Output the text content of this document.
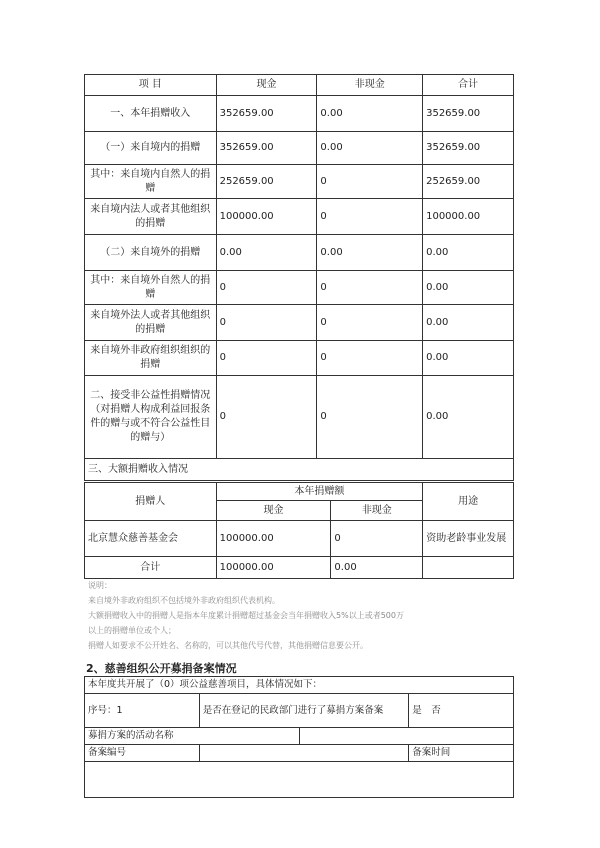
项 目	现金	非现金	合计
一、本年捐赠收入	352659.00	0.00	352659.00
（一）来自境内的捐赠	352659.00	0.00	352659.00
其中：来自境内自然人的捐赠	252659.00	0	252659.00
来自境内法人或者其他组织的捐赠	100000.00	0	100000.00
（二）来自境外的捐赠	0.00	0.00	0.00
其中：来自境外自然人的捐赠	0	0	0.00
来自境外法人或者其他组织的捐赠	0	0	0.00
来自境外非政府组织组织的捐赠	0	0	0.00
二、接受非公益性捐赠情况（对捐赠人构成利益回报条件的赠与或不符合公益性目的赠与）	0	0	0.00
三、大额捐赠收入情况			
捐赠人	本年捐赠额		用途
	现金	非现金	
北京慧众慈善基金会	100000.00	0	资助老龄事业发展
合计	100000.00	0.00	
说明：
来自境外非政府组织不包括境外非政府组织代表机构。
大额捐赠收入中的捐赠人是指本年度累计捐赠超过基金会当年捐赠收入5%以上或者500万
以上的捐赠单位或个人；
捐赠人如要求不公开姓名、名称的，可以其他代号代替，其他捐赠信息要公开。
2、慈善组织公开募捐备案情况
本年度共开展了（0）项公益慈善项目，具体情况如下：			
序号：1	是否在登记的民政部门进行了募捐方案备案		是　否
募捐方案的活动名称			
备案编号			备案时间
